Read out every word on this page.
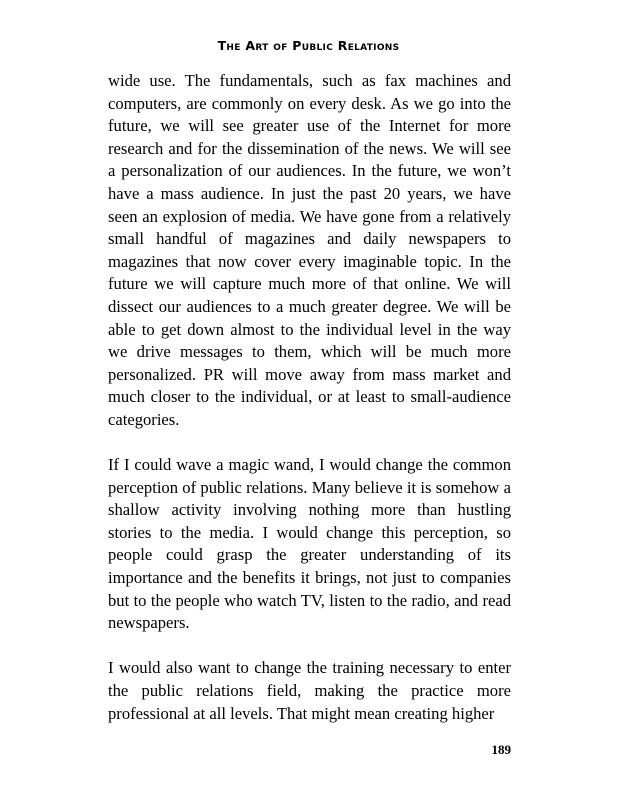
The Art of Public Relations

wide use. The fundamentals, such as fax machines and computers, are commonly on every desk. As we go into the future, we will see greater use of the Internet for more research and for the dissemination of the news. We will see a personalization of our audiences. In the future, we won’t have a mass audience. In just the past 20 years, we have seen an explosion of media. We have gone from a relatively small handful of magazines and daily newspapers to magazines that now cover every imaginable topic. In the future we will capture much more of that online. We will dissect our audiences to a much greater degree. We will be able to get down almost to the individual level in the way we drive messages to them, which will be much more personalized. PR will move away from mass market and much closer to the individual, or at least to small-audience categories.

If I could wave a magic wand, I would change the common perception of public relations. Many believe it is somehow a shallow activity involving nothing more than hustling stories to the media. I would change this perception, so people could grasp the greater understanding of its importance and the benefits it brings, not just to companies but to the people who watch TV, listen to the radio, and read newspapers.

I would also want to change the training necessary to enter the public relations field, making the practice more professional at all levels. That might mean creating higher

189
